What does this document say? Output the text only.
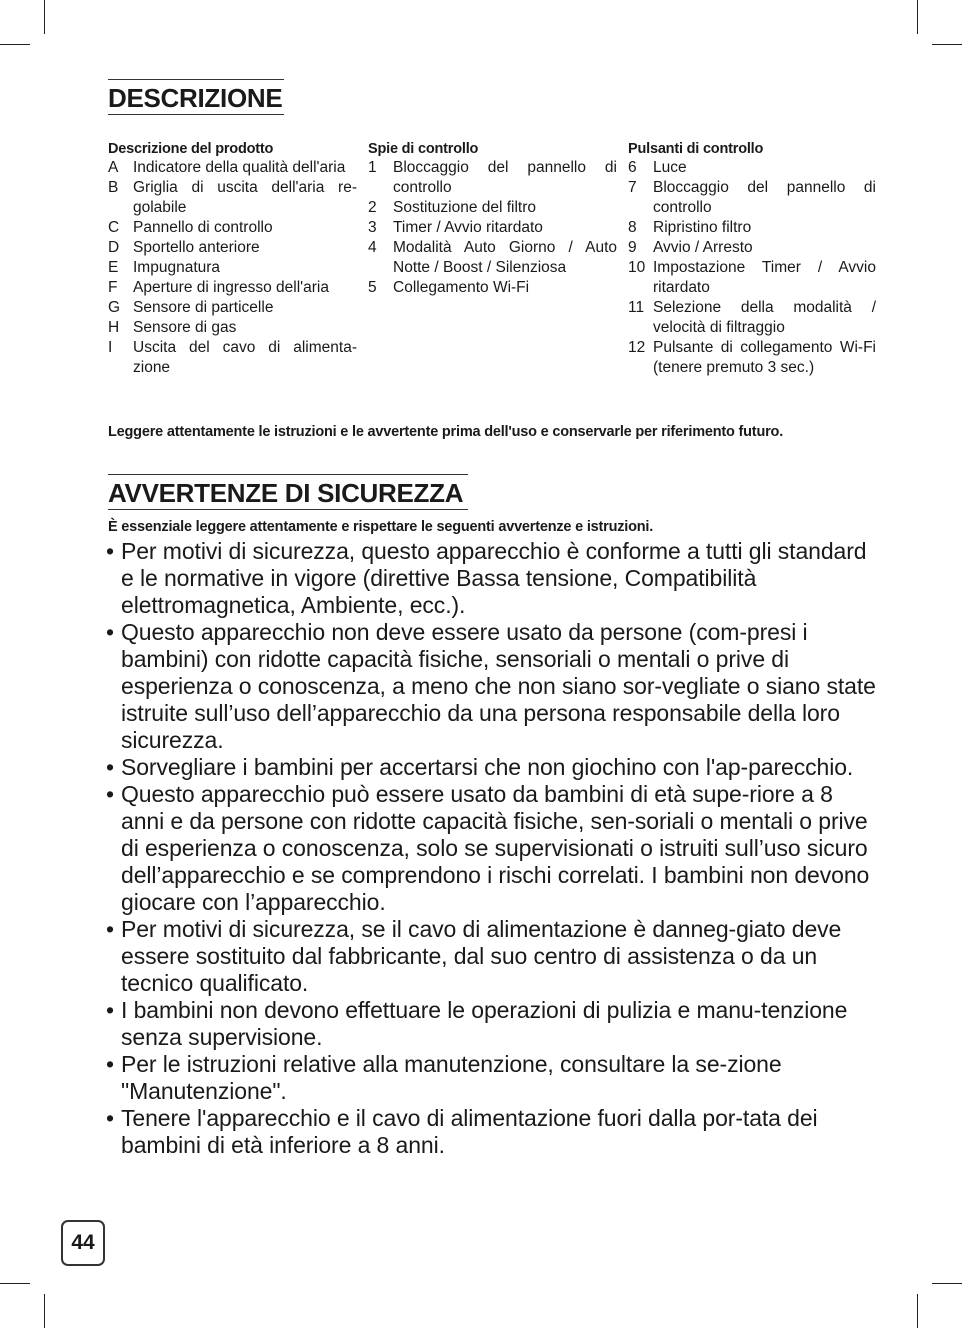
DESCRIZIONE
Descrizione del prodotto
A Indicatore della qualità dell'aria
B Griglia di uscita dell'aria re-golabile
C Pannello di controllo
D Sportello anteriore
E Impugnatura
F	Aperture di ingresso dell'aria
G Sensore di particelle
H Sensore di gas
I	Uscita del cavo di alimenta-zione
Spie di controllo
1	Bloccaggio del pannello di controllo
2	Sostituzione del filtro
3	Timer / Avvio ritardato
4	Modalità Auto Giorno / Auto Notte / Boost / Silenziosa
5	Collegamento Wi-Fi
Pulsanti di controllo
6	Luce
7	Bloccaggio del pannello di controllo
8	Ripristino filtro
9	Avvio / Arresto
10 Impostazione Timer / Avvio ritardato
11 Selezione della modalità / velocità di filtraggio
12 Pulsante di collegamento Wi-Fi (tenere premuto 3 sec.)
Leggere attentamente le istruzioni e le avvertente prima dell'uso e conservarle per riferimento futuro.
AVVERTENZE DI SICUREZZA
È essenziale leggere attentamente e rispettare le seguenti avvertenze e istruzioni.
• Per motivi di sicurezza, questo apparecchio è conforme a tutti gli standard e le normative in vigore (direttive Bassa tensione, Compatibilità elettromagnetica, Ambiente, ecc.).
• Questo apparecchio non deve essere usato da persone (com-presi i bambini) con ridotte capacità fisiche, sensoriali o mentali o prive di esperienza o conoscenza, a meno che non siano sor-vegliate o siano state istruite sull’uso dell’apparecchio da una persona responsabile della loro sicurezza.
• Sorvegliare i bambini per accertarsi che non giochino con l'ap-parecchio.
• Questo apparecchio può essere usato da bambini di età supe-riore a 8 anni e da persone con ridotte capacità fisiche, sen-soriali o mentali o prive di esperienza o conoscenza, solo se supervisionati o istruiti sull’uso sicuro dell’apparecchio e se comprendono i rischi correlati. I bambini non devono giocare con l’apparecchio.
• Per motivi di sicurezza, se il cavo di alimentazione è danneg-giato deve essere sostituito dal fabbricante, dal suo centro di assistenza o da un tecnico qualificato.
• I bambini non devono effettuare le operazioni di pulizia e manu-tenzione senza supervisione.
• Per le istruzioni relative alla manutenzione, consultare la se-zione "Manutenzione".
• Tenere l'apparecchio e il cavo di alimentazione fuori dalla por-tata dei bambini di età inferiore a 8 anni.
44
